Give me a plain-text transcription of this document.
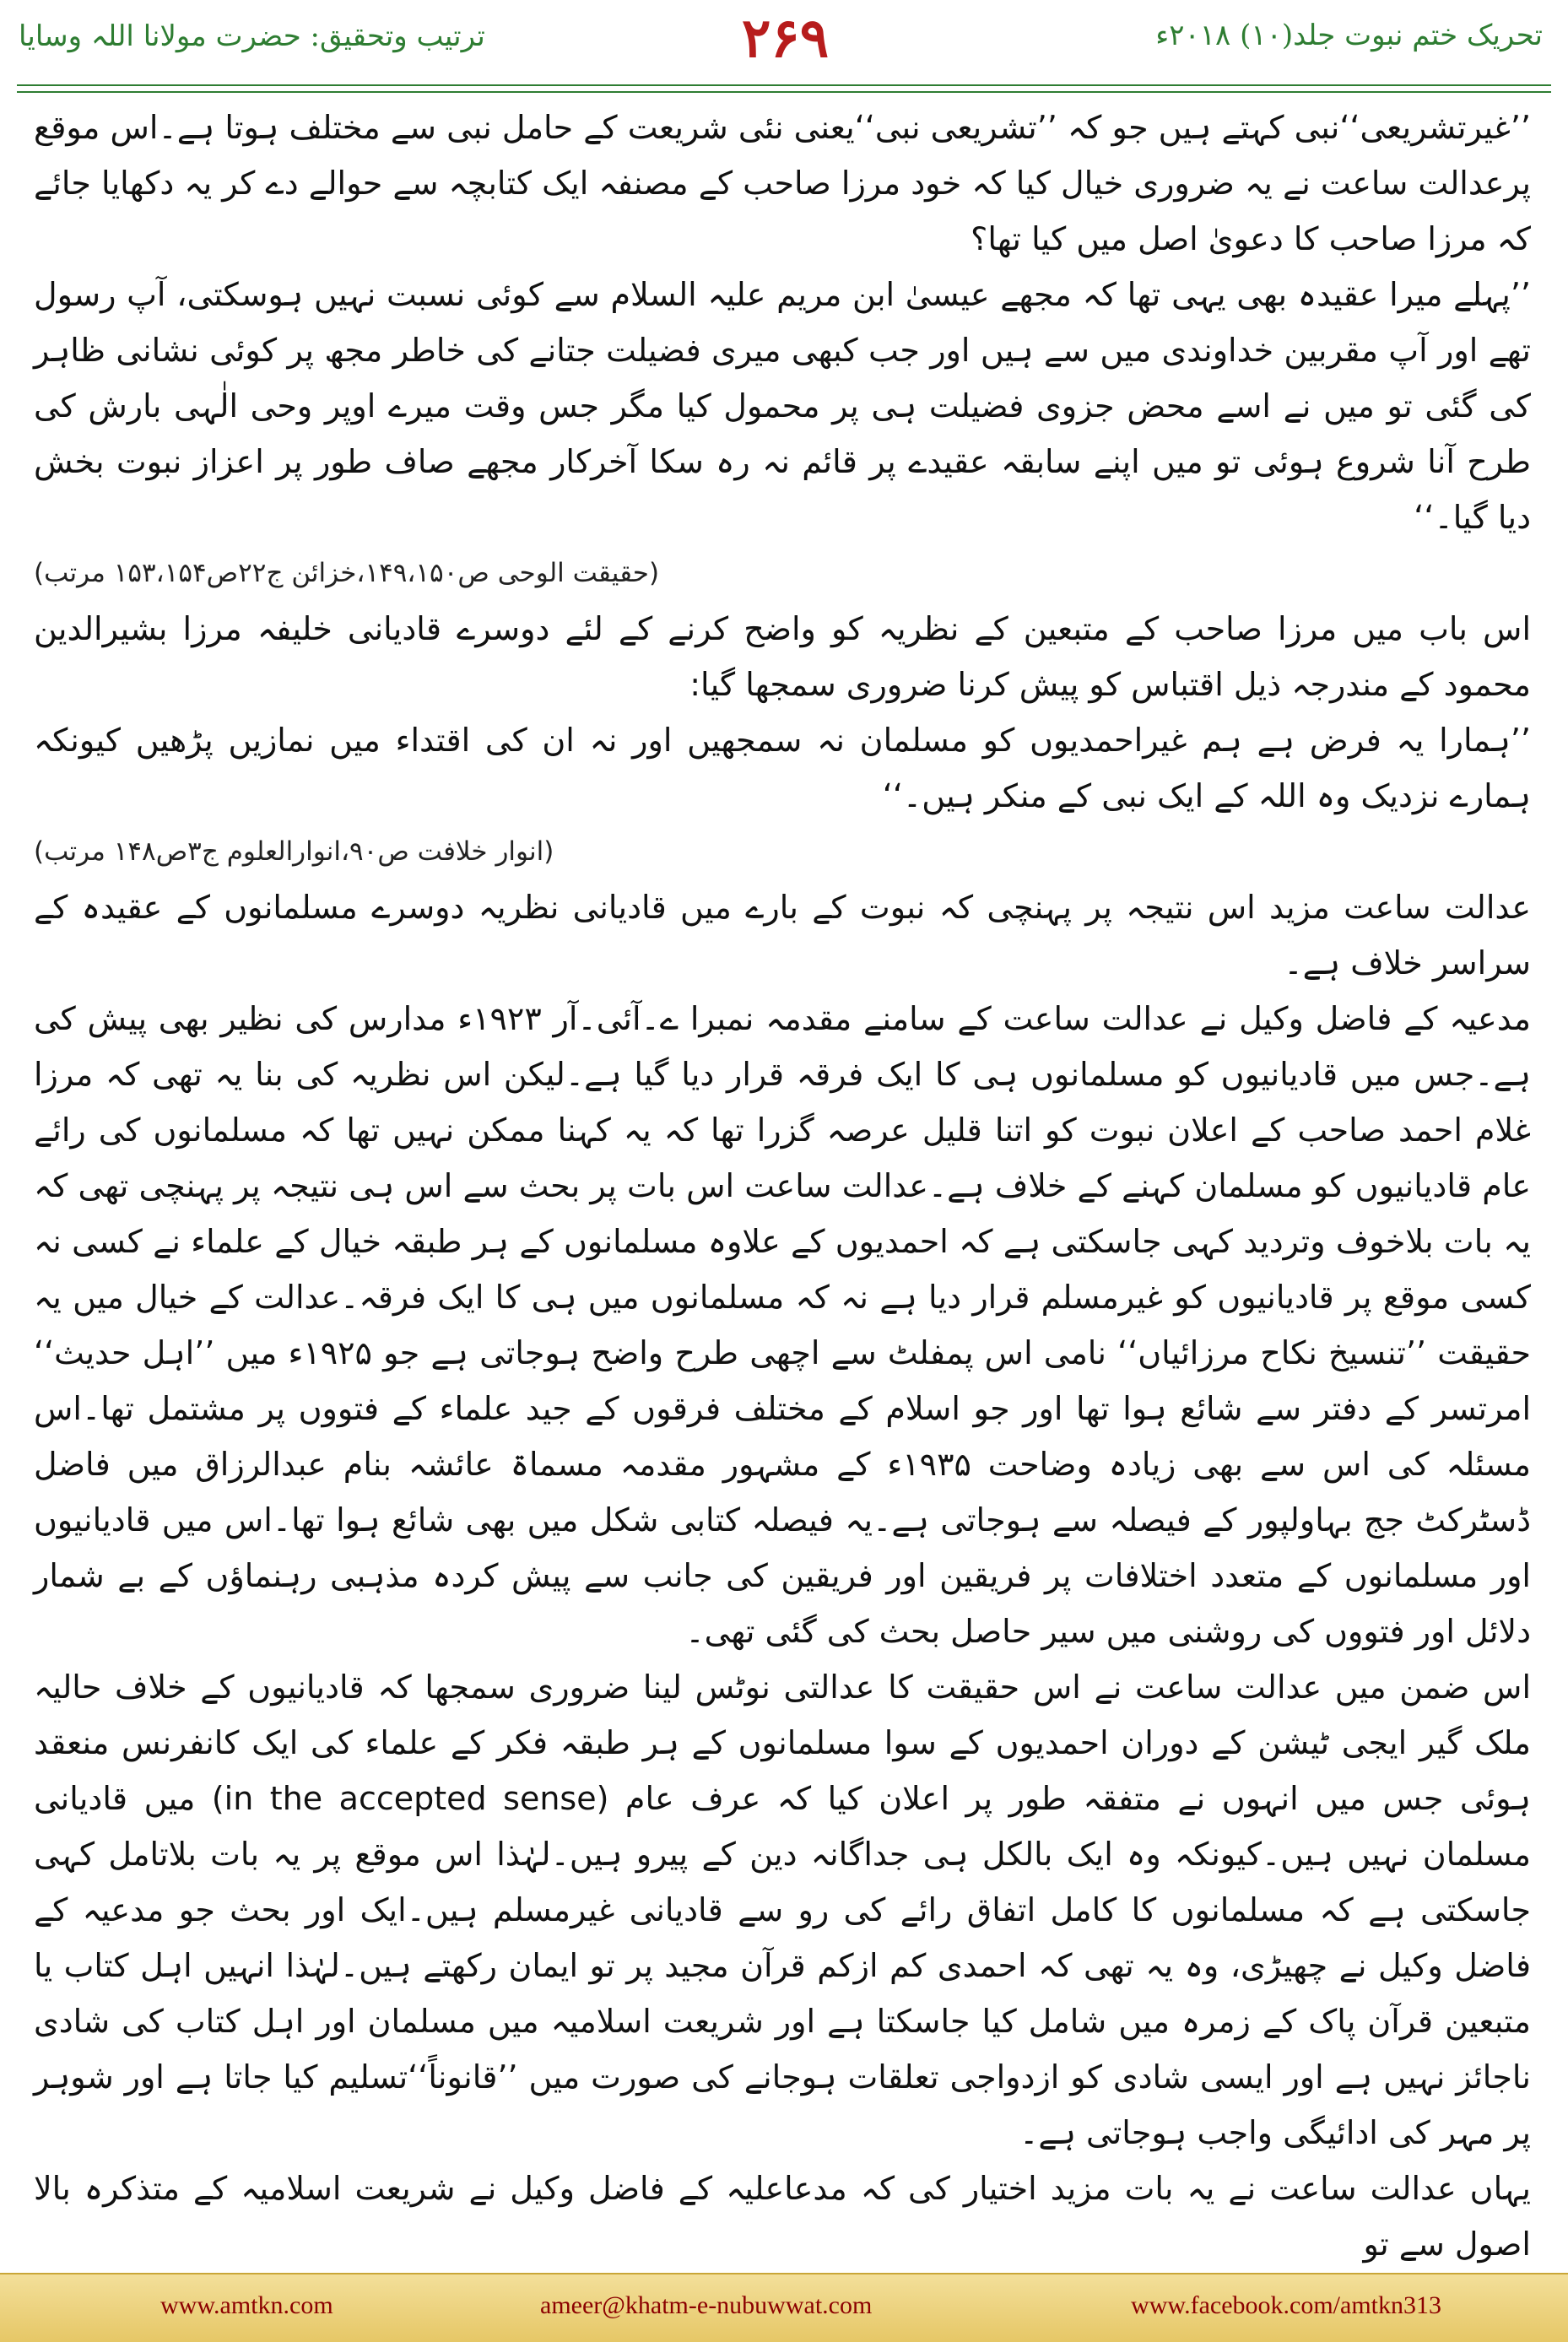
ترتیب وتحقیق: حضرت مولانا اللہ وسایا	۲۶۹	تحریک ختم نبوت جلد(۱۰) ۲۰۱۸ء

’’غیرتشریعی‘‘نبی کہتے ہیں جو کہ ’’تشریعی نبی‘‘یعنی نئی شریعت کے حامل نبی سے مختلف ہوتا ہے۔اس موقع پرعدالت ساعت نے یہ ضروری خیال کیا کہ خود مرزا صاحب کے مصنفہ ایک کتابچہ سے حوالے دے کر یہ دکھایا جائے کہ مرزا صاحب کا دعویٰ اصل میں کیا تھا؟

’’پہلے میرا عقیدہ بھی یہی تھا کہ مجھے عیسیٰ ابن مریم علیہ السلام سے کوئی نسبت نہیں ہوسکتی، آپ رسول تھے اور آپ مقربین خداوندی میں سے ہیں اور جب کبھی میری فضیلت جتانے کی خاطر مجھ پر کوئی نشانی ظاہر کی گئی تو میں نے اسے محض جزوی فضیلت ہی پر محمول کیا مگر جس وقت میرے اوپر وحی الٰہی بارش کی طرح آنا شروع ہوئی تو میں اپنے سابقہ عقیدے پر قائم نہ رہ سکا آخرکار مجھے صاف طور پر اعزاز نبوت بخش دیا گیا۔‘‘

(حقیقت الوحی ص۱۴۹،۱۵۰،خزائن ج۲۲ص۱۵۳،۱۵۴ مرتب)

اس باب میں مرزا صاحب کے متبعین کے نظریہ کو واضح کرنے کے لئے دوسرے قادیانی خلیفہ مرزا بشیرالدین محمود کے مندرجہ ذیل اقتباس کو پیش کرنا ضروری سمجھا گیا:

’’ہمارا یہ فرض ہے ہم غیراحمدیوں کو مسلمان نہ سمجھیں اور نہ ان کی اقتداء میں نمازیں پڑھیں کیونکہ ہمارے نزدیک وہ اللہ کے ایک نبی کے منکر ہیں۔‘‘

(انوار خلافت ص۹۰،انوارالعلوم ج۳ص۱۴۸ مرتب)

عدالت ساعت مزید اس نتیجہ پر پہنچی کہ نبوت کے بارے میں قادیانی نظریہ دوسرے مسلمانوں کے عقیدہ کے سراسر خلاف ہے۔

مدعیہ کے فاضل وکیل نے عدالت ساعت کے سامنے مقدمہ نمبرا ے۔آئی۔آر ۱۹۲۳ء مدارس کی نظیر بھی پیش کی ہے۔جس میں قادیانیوں کو مسلمانوں ہی کا ایک فرقہ قرار دیا گیا ہے۔لیکن اس نظریہ کی بنا یہ تھی کہ مرزا غلام احمد صاحب کے اعلان نبوت کو اتنا قلیل عرصہ گزرا تھا کہ یہ کہنا ممکن نہیں تھا کہ مسلمانوں کی رائے عام قادیانیوں کو مسلمان کہنے کے خلاف ہے۔عدالت ساعت اس بات پر بحث سے اس ہی نتیجہ پر پہنچی تھی کہ یہ بات بلاخوف وتردید کہی جاسکتی ہے کہ احمدیوں کے علاوہ مسلمانوں کے ہر طبقہ خیال کے علماء نے کسی نہ کسی موقع پر قادیانیوں کو غیرمسلم قرار دیا ہے نہ کہ مسلمانوں میں ہی کا ایک فرقہ۔عدالت کے خیال میں یہ حقیقت ’’تنسیخ نکاح مرزائیاں‘‘ نامی اس پمفلٹ سے اچھی طرح واضح ہوجاتی ہے جو ۱۹۲۵ء میں ’’اہل حدیث‘‘ امرتسر کے دفتر سے شائع ہوا تھا اور جو اسلام کے مختلف فرقوں کے جید علماء کے فتووں پر مشتمل تھا۔اس مسئلہ کی اس سے بھی زیادہ وضاحت ۱۹۳۵ء کے مشہور مقدمہ مسماۃ عائشہ بنام عبدالرزاق میں فاضل ڈسٹرکٹ جج بہاولپور کے فیصلہ سے ہوجاتی ہے۔یہ فیصلہ کتابی شکل میں بھی شائع ہوا تھا۔اس میں قادیانیوں اور مسلمانوں کے متعدد اختلافات پر فریقین اور فریقین کی جانب سے پیش کردہ مذہبی رہنماؤں کے بے شمار دلائل اور فتووں کی روشنی میں سیر حاصل بحث کی گئی تھی۔

اس ضمن میں عدالت ساعت نے اس حقیقت کا عدالتی نوٹس لینا ضروری سمجھا کہ قادیانیوں کے خلاف حالیہ ملک گیر ایجی ٹیشن کے دوران احمدیوں کے سوا مسلمانوں کے ہر طبقہ فکر کے علماء کی ایک کانفرنس منعقد ہوئی جس میں انہوں نے متفقہ طور پر اعلان کیا کہ عرف عام (in the accepted sense) میں قادیانی مسلمان نہیں ہیں۔کیونکہ وہ ایک بالکل ہی جداگانہ دین کے پیرو ہیں۔لہٰذا اس موقع پر یہ بات بلاتامل کہی جاسکتی ہے کہ مسلمانوں کا کامل اتفاق رائے کی رو سے قادیانی غیرمسلم ہیں۔ایک اور بحث جو مدعیہ کے فاضل وکیل نے چھیڑی، وہ یہ تھی کہ احمدی کم ازکم قرآن مجید پر تو ایمان رکھتے ہیں۔لہٰذا انہیں اہل کتاب یا متبعین قرآن پاک کے زمرہ میں شامل کیا جاسکتا ہے اور شریعت اسلامیہ میں مسلمان اور اہل کتاب کی شادی ناجائز نہیں ہے اور ایسی شادی کو ازدواجی تعلقات ہوجانے کی صورت میں ’’قانوناً‘‘تسلیم کیا جاتا ہے اور شوہر پر مہر کی ادائیگی واجب ہوجاتی ہے۔

یہاں عدالت ساعت نے یہ بات مزید اختیار کی کہ مدعاعلیہ کے فاضل وکیل نے شریعت اسلامیہ کے متذکرہ بالا اصول سے تو

www.amtkn.com	ameer@khatm-e-nubuwwat.com	www.facebook.com/amtkn313
